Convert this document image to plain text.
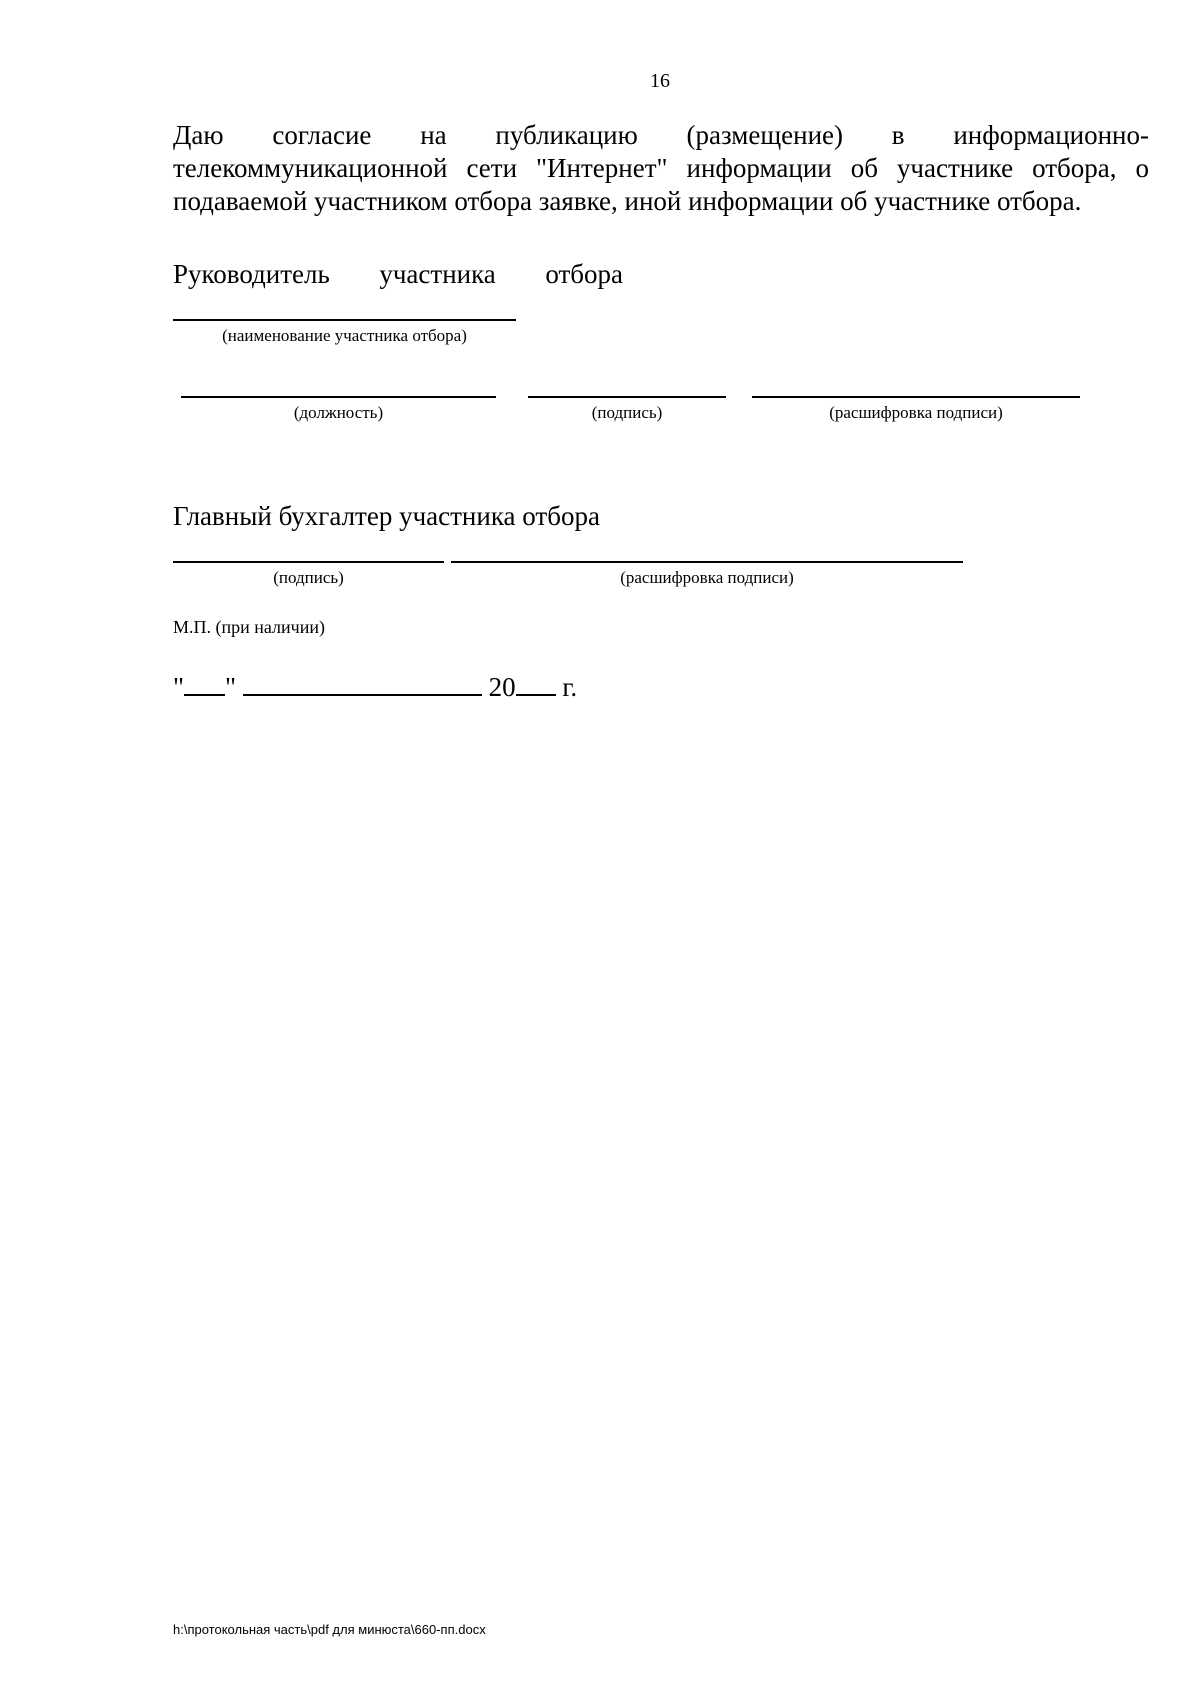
16

Даю согласие на публикацию (размещение) в информационно-телекоммуникационной сети "Интернет" информации об участнике отбора, о подаваемой участником отбора заявке, иной информации об участнике отбора.

Руководитель участника отбора

(наименование участника отбора)
(должность)	(подпись)	(расшифровка подписи)

Главный бухгалтер участника отбора

(подпись)	(расшифровка подписи)
М.П. (при наличии)
" "	20 г.
h:\протокольная часть\pdf для минюста\660-пп.docx
